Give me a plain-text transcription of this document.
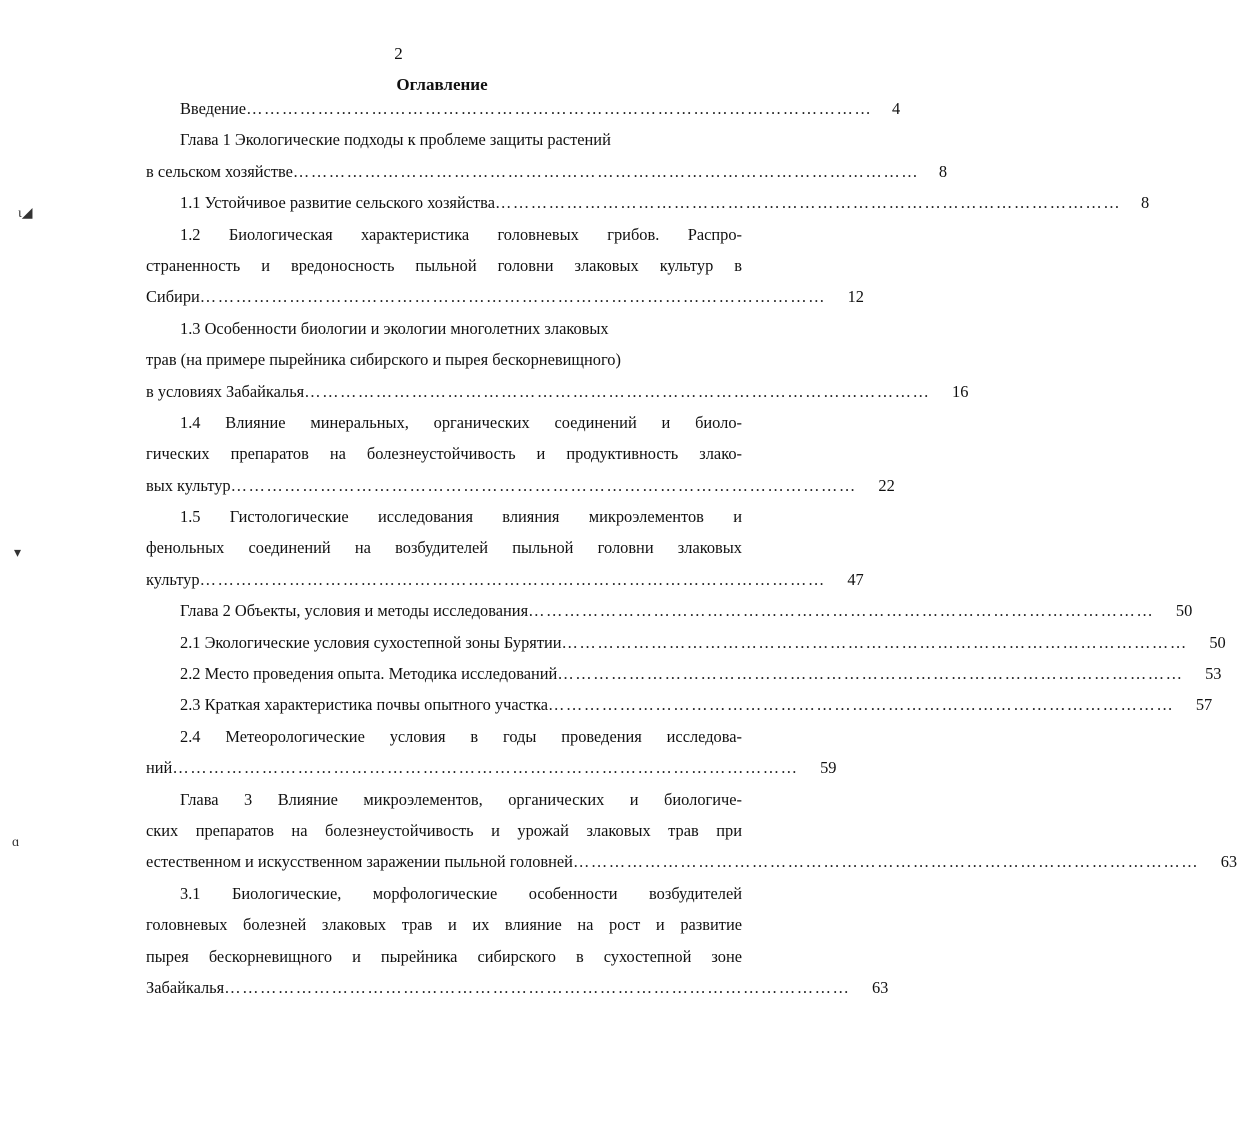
2
Оглавление
ι◢
▾
ɑ
Введение …………………………………………………………………………………………… 4
Глава 1 Экологические подходы к проблеме защиты растений
в сельском хозяйстве …………………………………………………………………………………………… 8
1.1 Устойчивое развитие сельского хозяйства …………………………………………………………………………………………… 8
1.2 Биологическая характеристика головневых грибов. Распро-
страненность и вредоносность пыльной головни злаковых культур в
Сибири …………………………………………………………………………………………… 12
1.3 Особенности биологии и экологии многолетних злаковых
трав (на примере пырейника сибирского и пырея бескорневищного)
в условиях Забайкалья …………………………………………………………………………………………… 16
1.4 Влияние минеральных, органических соединений и биоло-
гических препаратов на болезнеустойчивость и продуктивность злако-
вых культур …………………………………………………………………………………………… 22
1.5 Гистологические исследования влияния микроэлементов и
фенольных соединений на возбудителей пыльной головни злаковых
культур …………………………………………………………………………………………… 47
Глава 2 Объекты, условия и методы исследования …………………………………………………………………………………………… 50
2.1 Экологические условия сухостепной зоны Бурятии …………………………………………………………………………………………… 50
2.2 Место проведения опыта. Методика исследований …………………………………………………………………………………………… 53
2.3 Краткая характеристика почвы опытного участка …………………………………………………………………………………………… 57
2.4 Метеорологические условия в годы проведения исследова-
ний …………………………………………………………………………………………… 59
Глава 3 Влияние микроэлементов, органических и биологиче-
ских препаратов на болезнеустойчивость и урожай злаковых трав при
естественном и искусственном заражении пыльной головней …………………………………………………………………………………………… 63
3.1 Биологические, морфологические особенности возбудителей
головневых болезней злаковых трав и их влияние на рост и развитие
пырея бескорневищного и пырейника сибирского в сухостепной зоне
Забайкалья …………………………………………………………………………………………… 63
